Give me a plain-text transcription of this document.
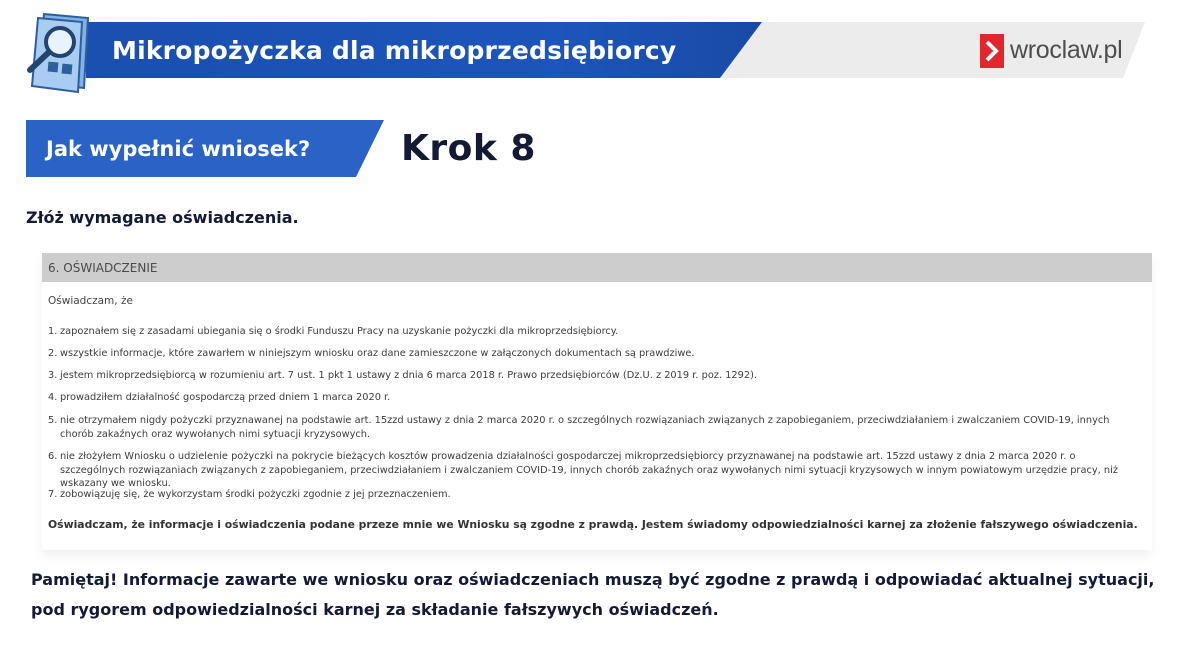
Mikropożyczka dla mikroprzedsiębiorcy	wroclaw.pl
Jak wypełnić wniosek?	Krok 8
Złóż wymagane oświadczenia.
6. OŚWIADCZENIE
Oświadczam, że
1. zapoznałem się z zasadami ubiegania się o środki Funduszu Pracy na uzyskanie pożyczki dla mikroprzedsiębiorcy.
2. wszystkie informacje, które zawarłem w niniejszym wniosku oraz dane zamieszczone w załączonych dokumentach są prawdziwe.
3. jestem mikroprzedsiębiorcą w rozumieniu art. 7 ust. 1 pkt 1 ustawy z dnia 6 marca 2018 r. Prawo przedsiębiorców (Dz.U. z 2019 r. poz. 1292).
4. prowadziłem działalność gospodarczą przed dniem 1 marca 2020 r.
5. nie otrzymałem nigdy pożyczki przyznawanej na podstawie art. 15zzd ustawy z dnia 2 marca 2020 r. o szczególnych rozwiązaniach związanych z zapobieganiem, przeciwdziałaniem i zwalczaniem COVID-19, innych chorób zakaźnych oraz wywołanych nimi sytuacji kryzysowych.
6. nie złożyłem Wniosku o udzielenie pożyczki na pokrycie bieżących kosztów prowadzenia działalności gospodarczej mikroprzedsiębiorcy przyznawanej na podstawie art. 15zzd ustawy z dnia 2 marca 2020 r. o szczególnych rozwiązaniach związanych z zapobieganiem, przeciwdziałaniem i zwalczaniem COVID-19, innych chorób zakaźnych oraz wywołanych nimi sytuacji kryzysowych w innym powiatowym urzędzie pracy, niż wskazany we wniosku.
7. zobowiązuję się, że wykorzystam środki pożyczki zgodnie z jej przeznaczeniem.
Oświadczam, że informacje i oświadczenia podane przeze mnie we Wniosku są zgodne z prawdą. Jestem świadomy odpowiedzialności karnej za złożenie fałszywego oświadczenia.
Pamiętaj! Informacje zawarte we wniosku oraz oświadczeniach muszą być zgodne z prawdą i odpowiadać aktualnej sytuacji, pod rygorem odpowiedzialności karnej za składanie fałszywych oświadczeń.
